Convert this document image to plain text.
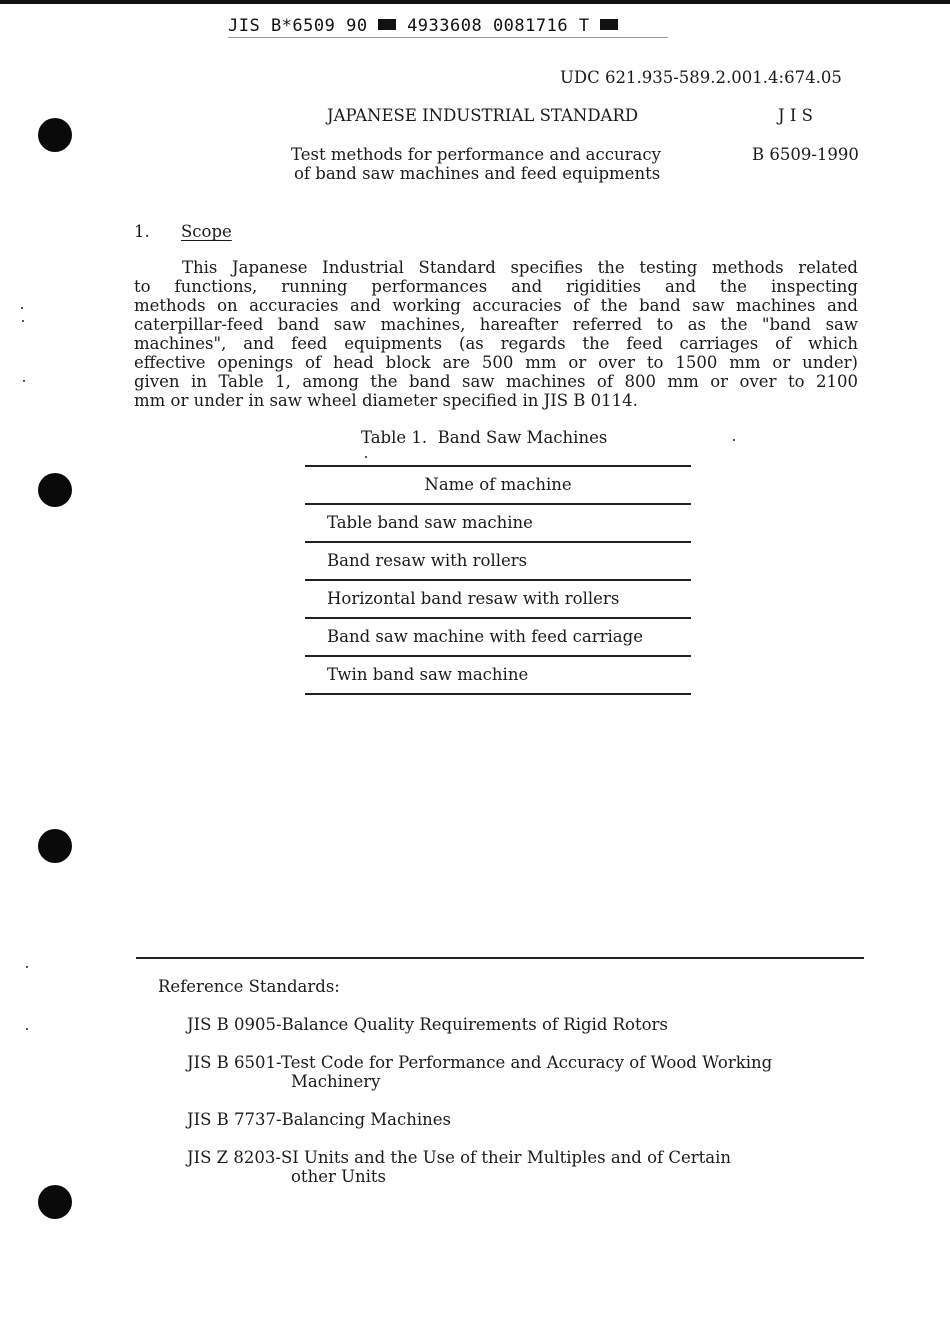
JIS B*6509 90 4933608 0081716 T
UDC 621.935-589.2.001.4:674.05
JAPANESE INDUSTRIAL STANDARD	J I S
Test methods for performance and accuracy
of band saw machines and feed equipments
B 6509-1990
1. Scope
This Japanese Industrial Standard specifies the testing methods related
to functions, running performances and rigidities and the inspecting
methods on accuracies and working accuracies of the band saw machines and
caterpillar-feed band saw machines, hareafter referred to as the "band saw
machines", and feed equipments (as regards the feed carriages of which
effective openings of head block are 500 mm or over to 1500 mm or under)
given in Table 1, among the band saw machines of 800 mm or over to 2100
mm or under in saw wheel diameter specified in JIS B 0114.
Table 1. Band Saw Machines
Name of machine
Table band saw machine
Band resaw with rollers
Horizontal band resaw with rollers
Band saw machine with feed carriage
Twin band saw machine
Reference Standards:
JIS B 0905-Balance Quality Requirements of Rigid Rotors
JIS B 6501-Test Code for Performance and Accuracy of Wood Working
Machinery
JIS B 7737-Balancing Machines
JIS Z 8203-SI Units and the Use of their Multiples and of Certain
other Units
